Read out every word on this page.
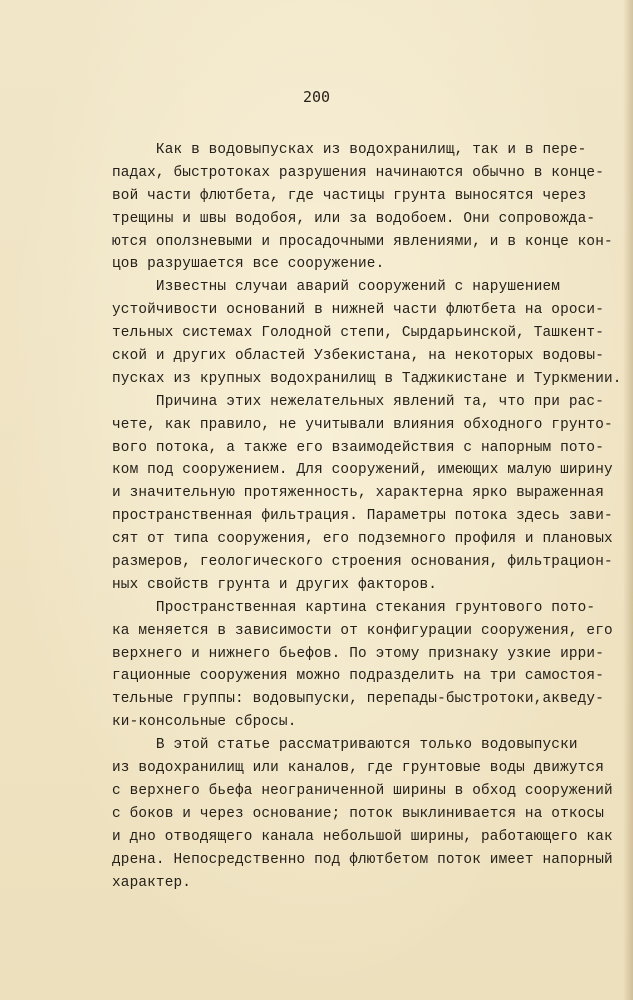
200
Как в водовыпусках из водохранилищ, так и в пере-
падах, быстротоках разрушения начинаются обычно в конце-
вой части флютбета, где частицы грунта выносятся через
трещины и швы водобоя, или за водобоем. Они сопровожда-
ются оползневыми и просадочными явлениями, и в конце кон-
цов разрушается все сооружение.
Известны случаи аварий сооружений с нарушением
устойчивости оснований в нижней части флютбета на ороси-
тельных системах Голодной степи, Сырдарьинской, Ташкент-
ской и других областей Узбекистана, на некоторых водовы-
пусках из крупных водохранилищ в Таджикистане и Туркмении.
Причина этих нежелательных явлений та, что при рас-
чете, как правило, не учитывали влияния обходного грунто-
вого потока, а также его взаимодействия с напорным пото-
ком под сооружением. Для сооружений, имеющих малую ширину
и значительную протяженность, характерна ярко выраженная
пространственная фильтрация. Параметры потока здесь зави-
сят от типа сооружения, его подземного профиля и плановых
размеров, геологического строения основания, фильтрацион-
ных свойств грунта и других факторов.
Пространственная картина стекания грунтового пото-
ка меняется в зависимости от конфигурации сооружения, его
верхнего и нижнего бьефов. По этому признаку узкие ирри-
гационные сооружения можно подразделить на три самостоя-
тельные группы: водовыпуски, перепады-быстротоки,акведу-
ки-консольные сбросы.
В этой статье рассматриваются только водовыпуски
из водохранилищ или каналов, где грунтовые воды движутся
с верхнего бьефа неограниченной ширины в обход сооружений
с боков и через основание; поток выклинивается на откосы
и дно отводящего канала небольшой ширины, работающего как
дрена. Непосредственно под флютбетом поток имеет напорный
характер.
